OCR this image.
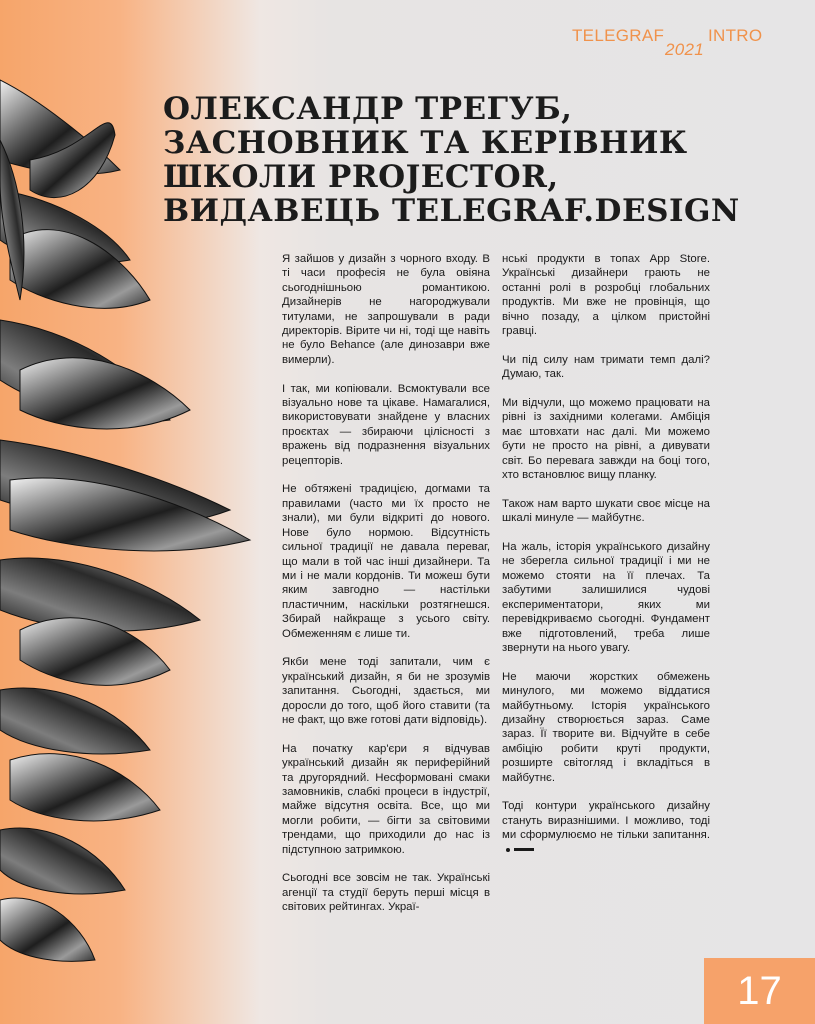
TELEGRAF
2021
INTRO
ОЛЕКСАНДР ТРЕГУБ, ЗАСНОВНИК ТА КЕРІВНИК ШКОЛИ PROJECTOR, ВИДАВЕЦЬ TELEGRAF.DESIGN

Я зайшов у дизайн з чорного входу. В ті часи професія не була овіяна сьогоднішньою романтикою. Дизайнерів не нагороджували титулами, не запрошували в ради директорів. Вірите чи ні, тоді ще навіть не було Behance (але динозаври вже вимерли).

І так, ми копіювали. Всмоктували все візуально нове та цікаве. Намагалися, використовувати знайдене у власних проєктах — збираючи цілісності з вражень від подразнення візуальних рецепторів.

Не обтяжені традицією, догмами та правилами (часто ми їх просто не знали), ми були відкриті до нового. Нове було нормою. Відсутність сильної традиції не давала переваг, що мали в той час інші дизайнери. Та ми і не мали кордонів. Ти можеш бути яким завгодно — настільки пластичним, наскільки розтягнешся. Збирай найкраще з усього світу. Обмеженням є лише ти.

Якби мене тоді запитали, чим є український дизайн, я би не зрозумів запитання. Сьогодні, здається, ми доросли до того, щоб його ставити (та не факт, що вже готові дати відповідь).

На початку кар'єри я відчував український дизайн як периферійний та другорядний. Несформовані смаки замовників, слабкі процеси в індустрії, майже відсутня освіта. Все, що ми могли робити, — бігти за світовими трендами, що приходили до нас із підступною затримкою.

Сьогодні все зовсім не так. Українські агенції та студії беруть перші місця в світових рейтингах. Украї-

нські продукти в топах App Store. Українські дизайнери грають не останні ролі в розробці глобальних продуктів. Ми вже не провінція, що вічно позаду, а цілком пристойні гравці.

Чи під силу нам тримати темп далі? Думаю, так.

Ми відчули, що можемо працювати на рівні із західними колегами. Амбіція має штовхати нас далі. Ми можемо бути не просто на рівні, а дивувати світ. Бо перевага завжди на боці того, хто встановлює вищу планку.

Також нам варто шукати своє місце на шкалі минуле — майбутнє.

На жаль, історія українського дизайну не зберегла сильної традиції і ми не можемо стояти на її плечах. Та забутими залишилися чудові експериментатори, яких ми перевідкриваємо сьогодні. Фундамент вже підготовлений, треба лише звернути на нього увагу.

Не маючи жорстких обмежень минулого, ми можемо віддатися майбутньому. Історія українського дизайну створюється зараз. Саме зараз. Її творите ви. Відчуйте в себе амбіцію робити круті продукти, розширте світогляд і вкладіться в майбутнє.

Тоді контури українського дизайну стануть виразнішими. І можливо, тоді ми сформулюємо не тільки запитання.

17
